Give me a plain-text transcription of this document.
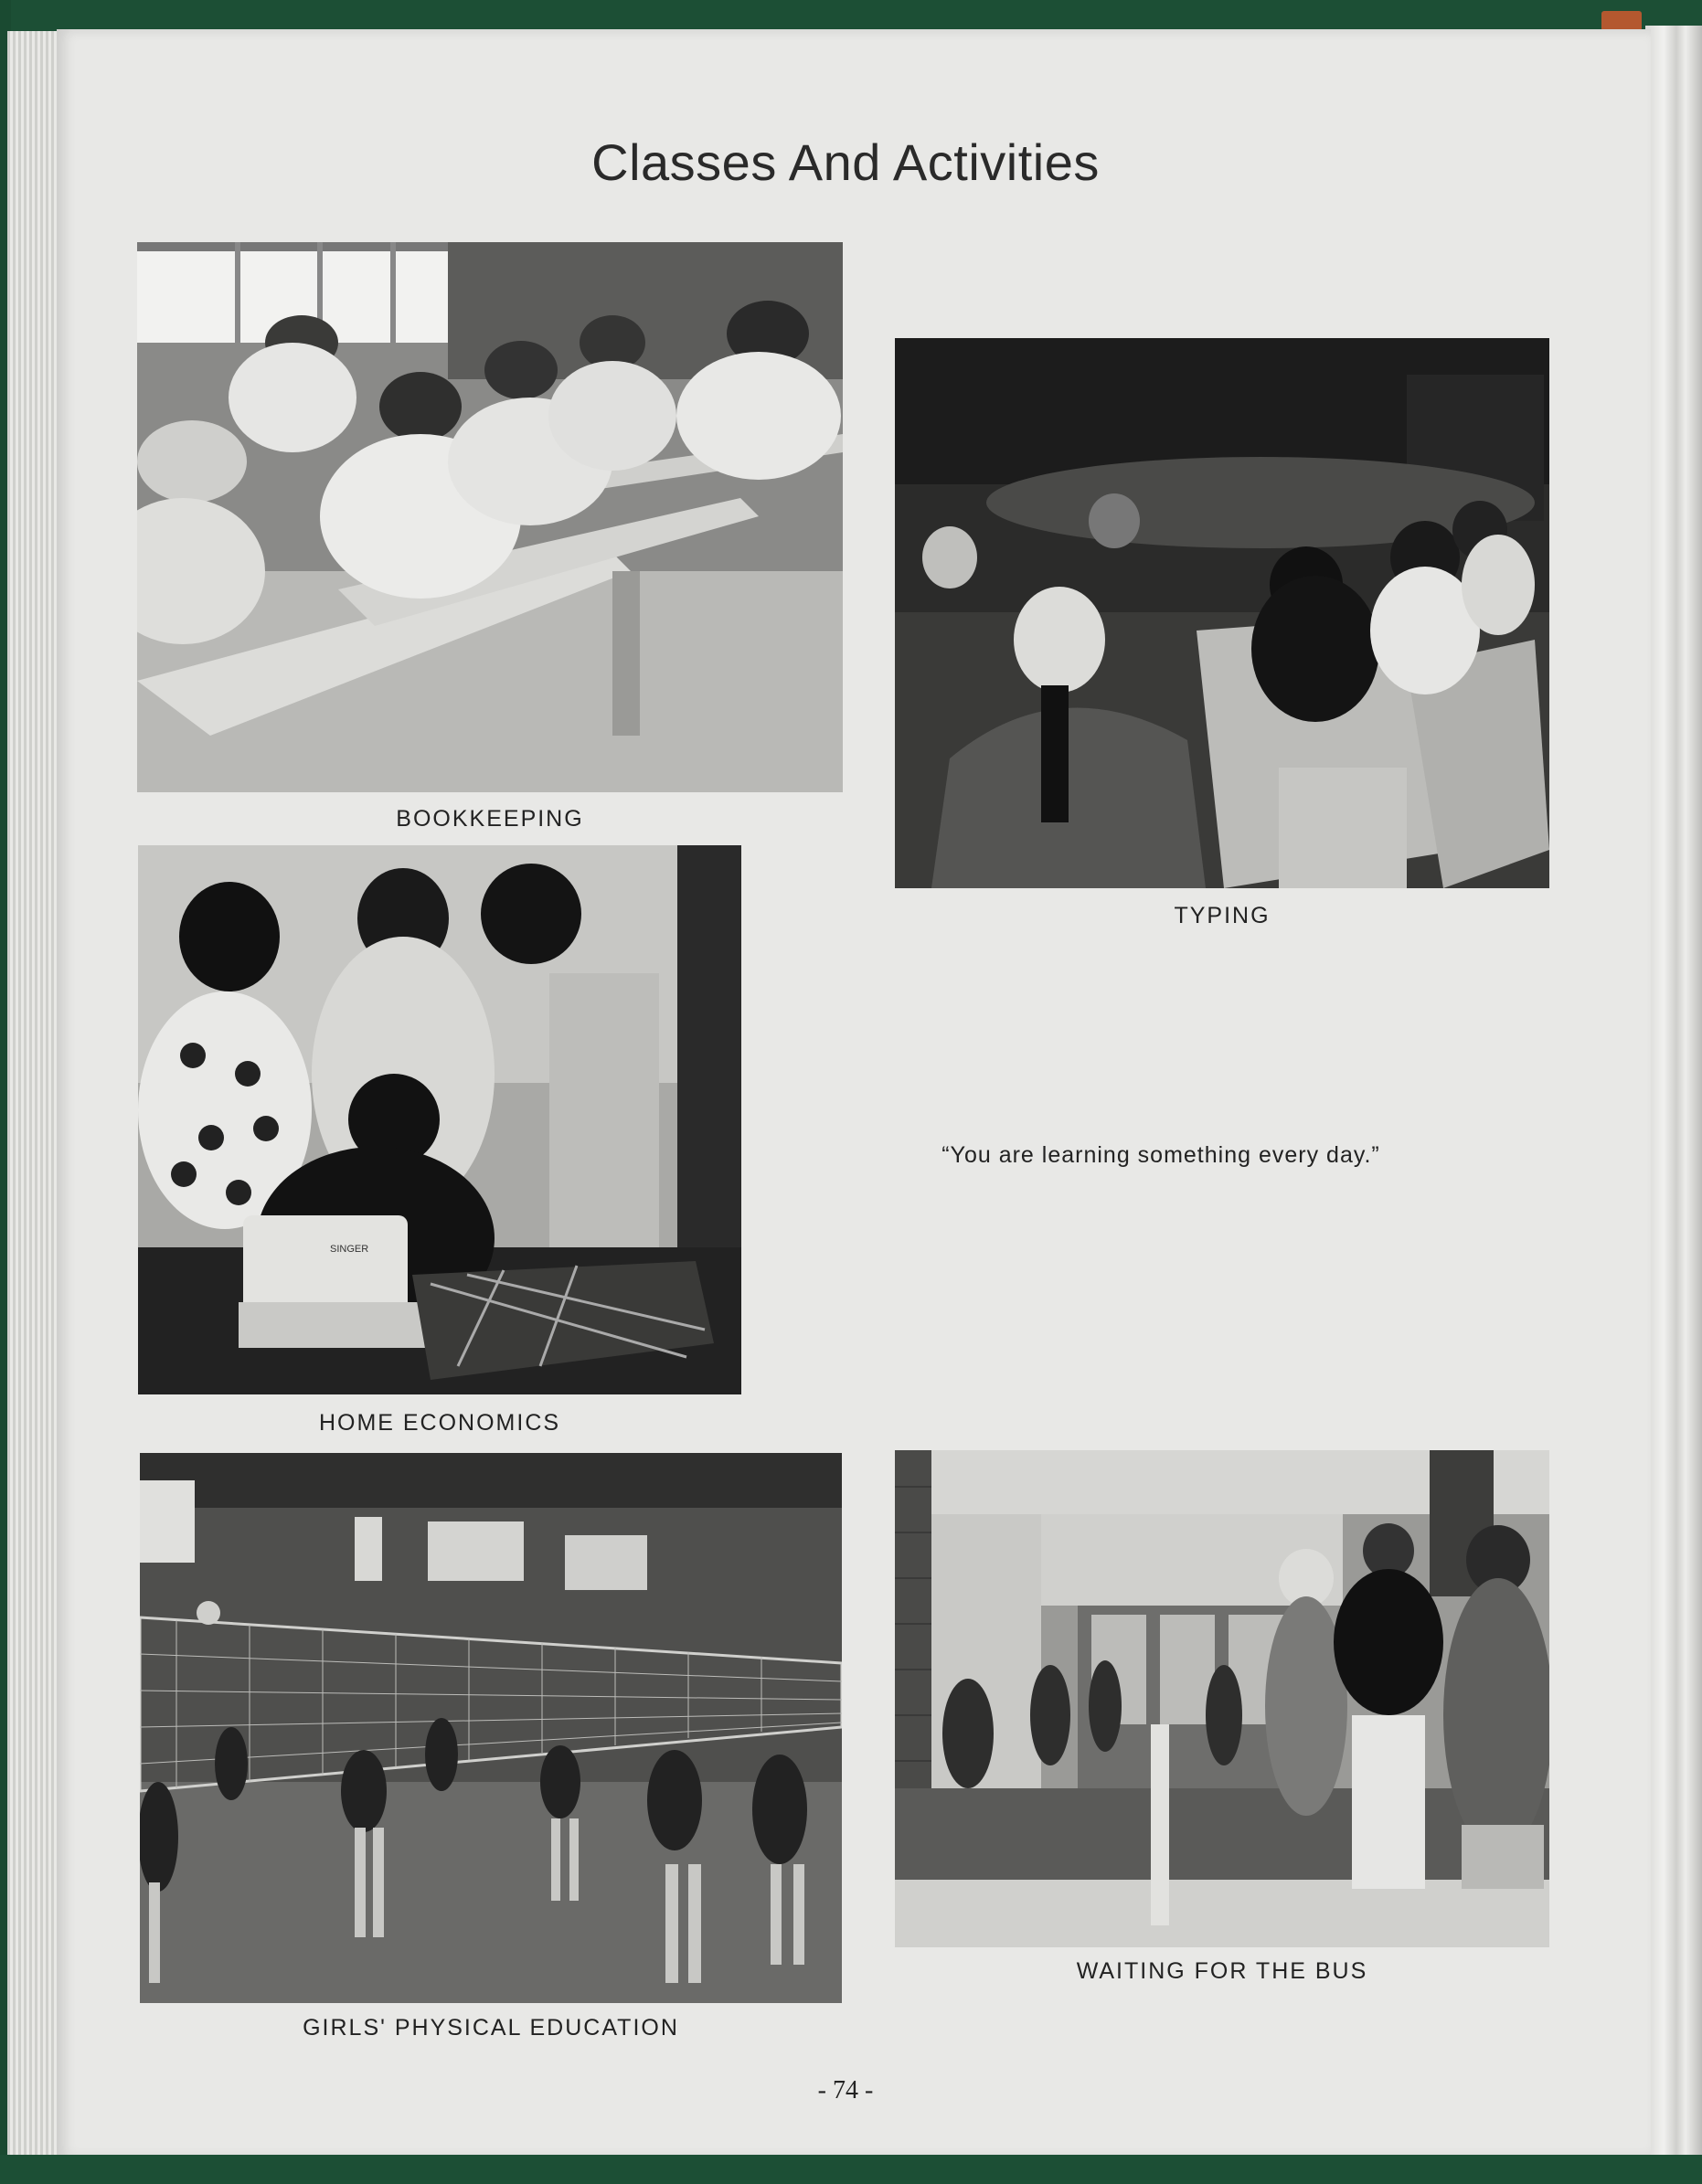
Classes And Activities
BOOKKEEPING
TYPING
SINGER
HOME ECONOMICS
“You are learning something every day.”
GIRLS' PHYSICAL EDUCATION
WAITING FOR THE BUS
- 74 -
